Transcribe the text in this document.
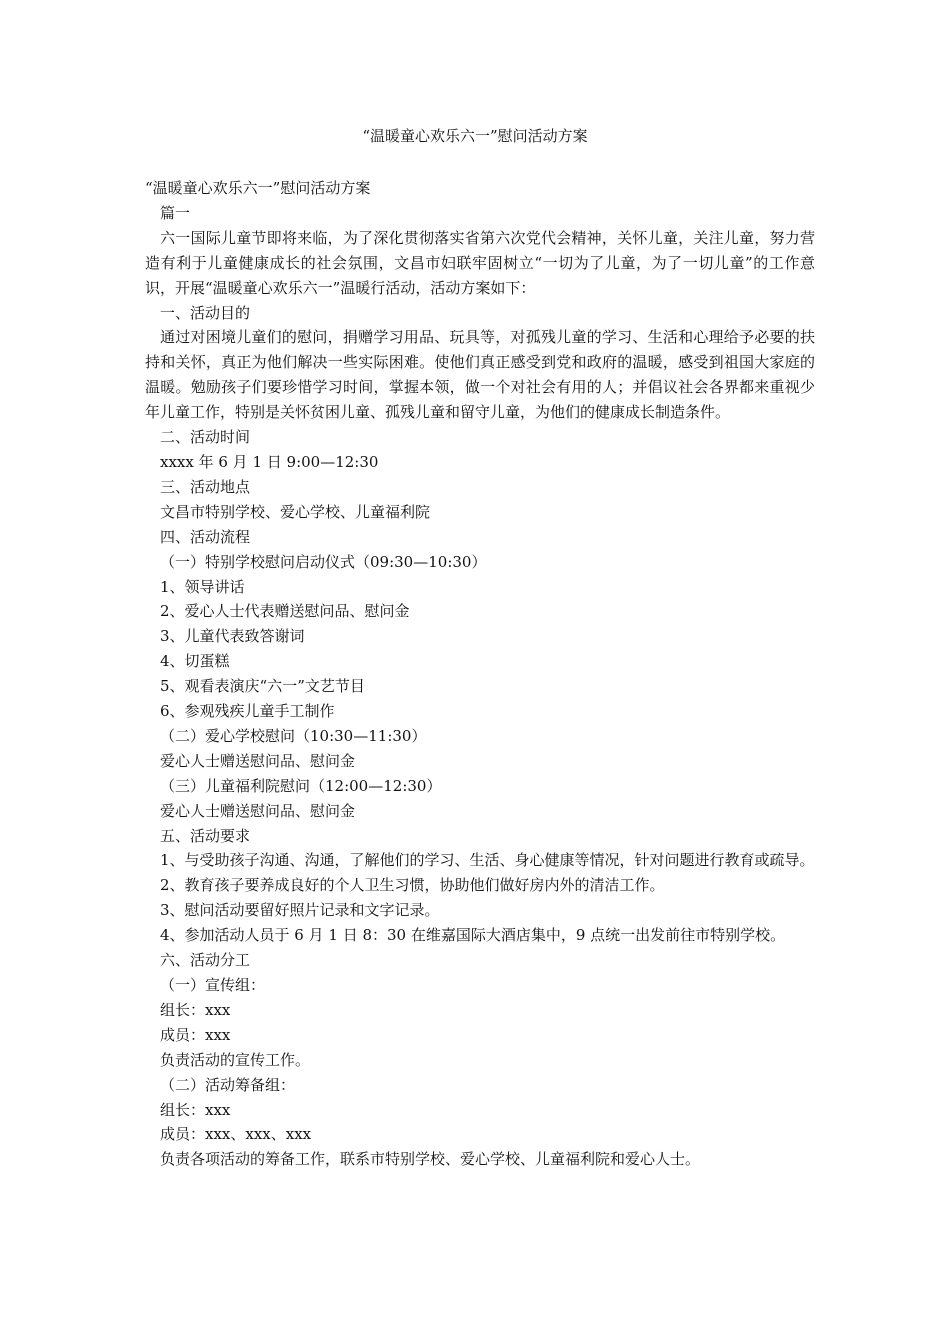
“温暖童心欢乐六一”慰问活动方案
“温暖童心欢乐六一”慰问活动方案
篇一
六一国际儿童节即将来临，为了深化贯彻落实省第六次党代会精神，关怀儿童，关注儿童，努力营造有利于儿童健康成长的社会氛围，文昌市妇联牢固树立“一切为了儿童，为了一切儿童”的工作意识，开展“温暖童心欢乐六一”温暖行活动，活动方案如下：
一、活动目的
通过对困境儿童们的慰问，捐赠学习用品、玩具等，对孤残儿童的学习、生活和心理给予必要的扶持和关怀，真正为他们解决一些实际困难。使他们真正感受到党和政府的温暖，感受到祖国大家庭的温暖。勉励孩子们要珍惜学习时间，掌握本领，做一个对社会有用的人；并倡议社会各界都来重视少年儿童工作，特别是关怀贫困儿童、孤残儿童和留守儿童，为他们的健康成长制造条件。
二、活动时间
xxxx 年 6 月 1 日 9:00—12:30
三、活动地点
文昌市特别学校、爱心学校、儿童福利院
四、活动流程
（一）特别学校慰问启动仪式（09:30—10:30）
1、领导讲话
2、爱心人士代表赠送慰问品、慰问金
3、儿童代表致答谢词
4、切蛋糕
5、观看表演庆“六一”文艺节目
6、参观残疾儿童手工制作
（二）爱心学校慰问（10:30—11:30）
爱心人士赠送慰问品、慰问金
（三）儿童福利院慰问（12:00—12:30）
爱心人士赠送慰问品、慰问金
五、活动要求
1、与受助孩子沟通、沟通，了解他们的学习、生活、身心健康等情况，针对问题进行教育或疏导。
2、教育孩子要养成良好的个人卫生习惯，协助他们做好房内外的清洁工作。
3、慰问活动要留好照片记录和文字记录。
4、参加活动人员于 6 月 1 日 8：30 在维嘉国际大酒店集中，9 点统一出发前往市特别学校。
六、活动分工
（一）宣传组：
组长：xxx
成员：xxx
负责活动的宣传工作。
（二）活动筹备组：
组长：xxx
成员：xxx、xxx、xxx
负责各项活动的筹备工作，联系市特别学校、爱心学校、儿童福利院和爱心人士。
